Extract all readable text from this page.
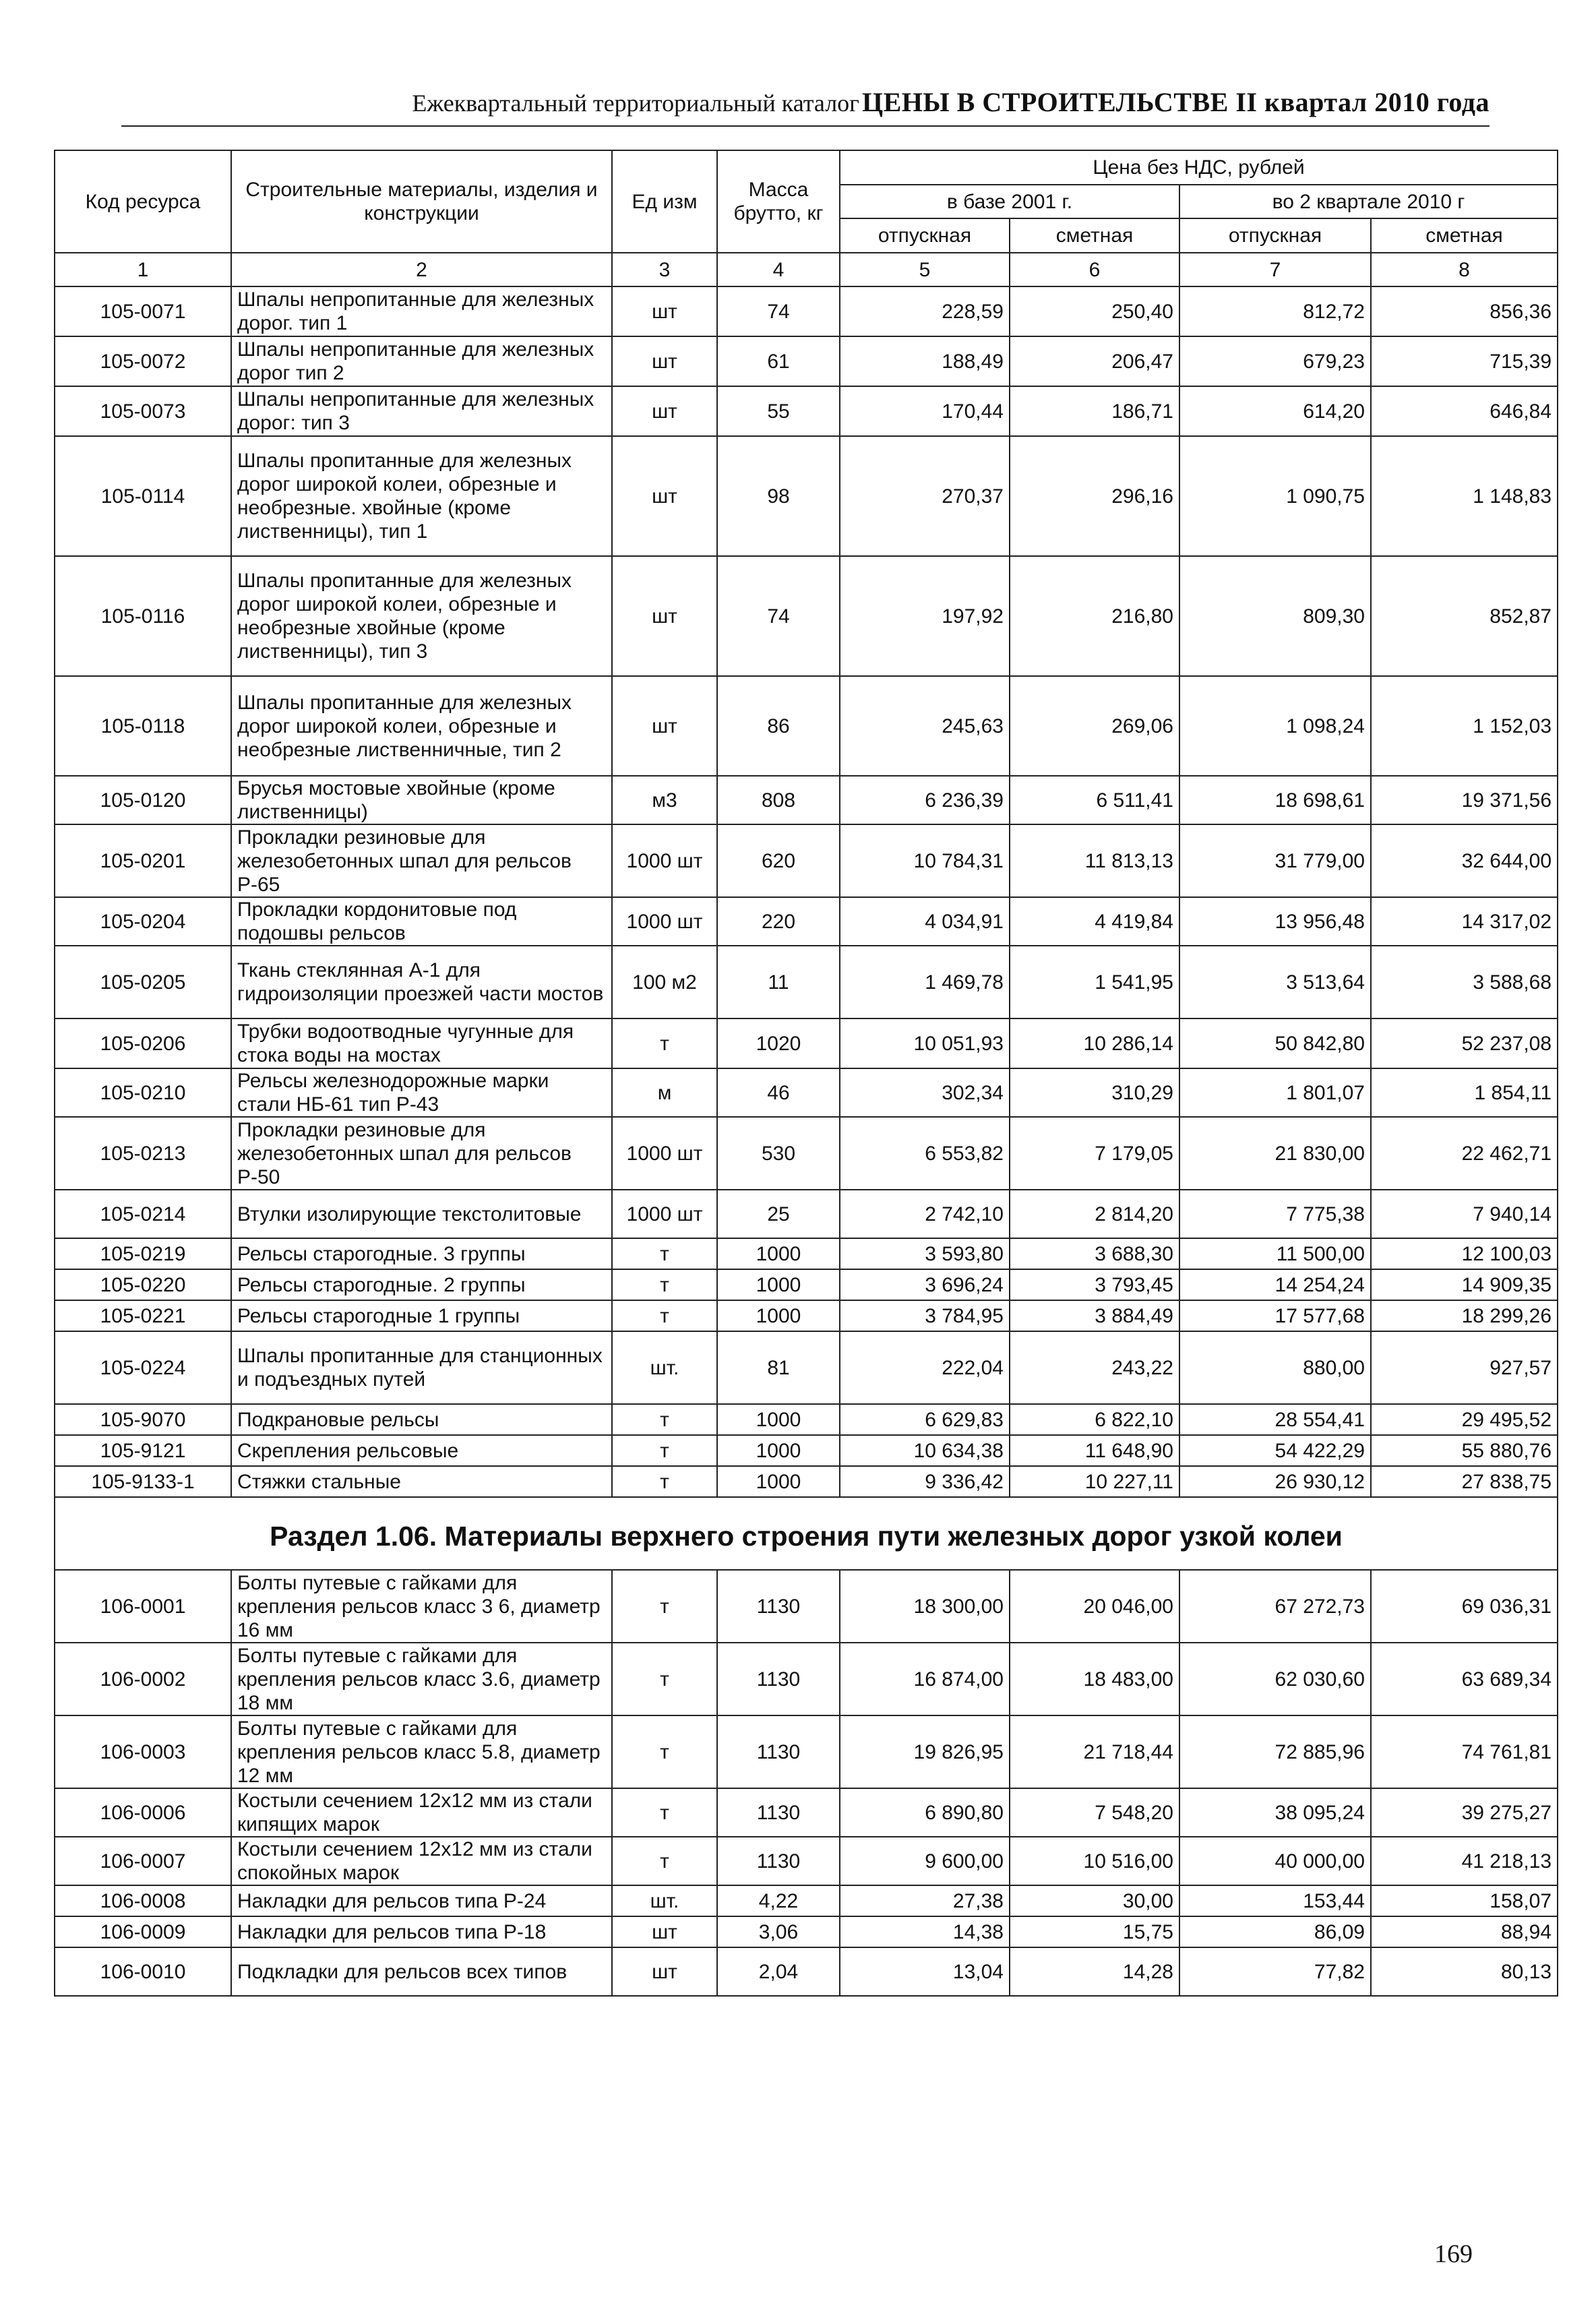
Ежеквартальный территориальный каталог ЦЕНЫ В СТРОИТЕЛЬСТВЕ II квартал 2010 года
Код ресурса	Строительные материалы, изделия и конструкции	Ед изм	Масса брутто, кг	Цена без НДС, рублей			
				в базе 2001 г.		во 2 квартале 2010 г	
				отпускная	сметная	отпускная	сметная
1	2	3	4	5	6	7	8
105-0071	Шпалы непропитанные для железных дорог. тип 1	шт	74	228,59	250,40	812,72	856,36
105-0072	Шпалы непропитанные для железных дорог тип 2	шт	61	188,49	206,47	679,23	715,39
105-0073	Шпалы непропитанные для железных дорог: тип 3	шт	55	170,44	186,71	614,20	646,84
105-0114	Шпалы пропитанные для железных дорог широкой колеи, обрезные и необрезные. хвойные (кроме лиственницы), тип 1	шт	98	270,37	296,16	1 090,75	1 148,83
105-0116	Шпалы пропитанные для железных дорог широкой колеи, обрезные и необрезные хвойные (кроме лиственницы), тип 3	шт	74	197,92	216,80	809,30	852,87
105-0118	Шпалы пропитанные для железных дорог широкой колеи, обрезные и необрезные лиственничные, тип 2	шт	86	245,63	269,06	1 098,24	1 152,03
105-0120	Брусья мостовые хвойные (кроме лиственницы)	м3	808	6 236,39	6 511,41	18 698,61	19 371,56
105-0201	Прокладки резиновые для железобетонных шпал для рельсов Р-65	1000 шт	620	10 784,31	11 813,13	31 779,00	32 644,00
105-0204	Прокладки кордонитовые под подошвы рельсов	1000 шт	220	4 034,91	4 419,84	13 956,48	14 317,02
105-0205	Ткань стеклянная А-1 для гидроизоляции проезжей части мостов	100 м2	11	1 469,78	1 541,95	3 513,64	3 588,68
105-0206	Трубки водоотводные чугунные для стока воды на мостах	т	1020	10 051,93	10 286,14	50 842,80	52 237,08
105-0210	Рельсы железнодорожные марки стали НБ-61 тип Р-43	м	46	302,34	310,29	1 801,07	1 854,11
105-0213	Прокладки резиновые для железобетонных шпал для рельсов Р-50	1000 шт	530	6 553,82	7 179,05	21 830,00	22 462,71
105-0214	Втулки изолирующие текстолитовые	1000 шт	25	2 742,10	2 814,20	7 775,38	7 940,14
105-0219	Рельсы старогодные. 3 группы	т	1000	3 593,80	3 688,30	11 500,00	12 100,03
105-0220	Рельсы старогодные. 2 группы	т	1000	3 696,24	3 793,45	14 254,24	14 909,35
105-0221	Рельсы старогодные 1 группы	т	1000	3 784,95	3 884,49	17 577,68	18 299,26
105-0224	Шпалы пропитанные для станционных и подъездных путей	шт.	81	222,04	243,22	880,00	927,57
105-9070	Подкрановые рельсы	т	1000	6 629,83	6 822,10	28 554,41	29 495,52
105-9121	Скрепления рельсовые	т	1000	10 634,38	11 648,90	54 422,29	55 880,76
105-9133-1	Стяжки стальные	т	1000	9 336,42	10 227,11	26 930,12	27 838,75
Раздел 1.06. Материалы верхнего строения пути железных дорог узкой колеи							
106-0001	Болты путевые с гайками для крепления рельсов класс 3 6, диаметр 16 мм	т	1130	18 300,00	20 046,00	67 272,73	69 036,31
106-0002	Болты путевые с гайками для крепления рельсов класс 3.6, диаметр 18 мм	т	1130	16 874,00	18 483,00	62 030,60	63 689,34
106-0003	Болты путевые с гайками для крепления рельсов класс 5.8, диаметр 12 мм	т	1130	19 826,95	21 718,44	72 885,96	74 761,81
106-0006	Костыли сечением 12х12 мм из стали кипящих марок	т	1130	6 890,80	7 548,20	38 095,24	39 275,27
106-0007	Костыли сечением 12х12 мм из стали спокойных марок	т	1130	9 600,00	10 516,00	40 000,00	41 218,13
106-0008	Накладки для рельсов типа Р-24	шт.	4,22	27,38	30,00	153,44	158,07
106-0009	Накладки для рельсов типа Р-18	шт	3,06	14,38	15,75	86,09	88,94
106-0010	Подкладки для рельсов всех типов	шт	2,04	13,04	14,28	77,82	80,13
169
